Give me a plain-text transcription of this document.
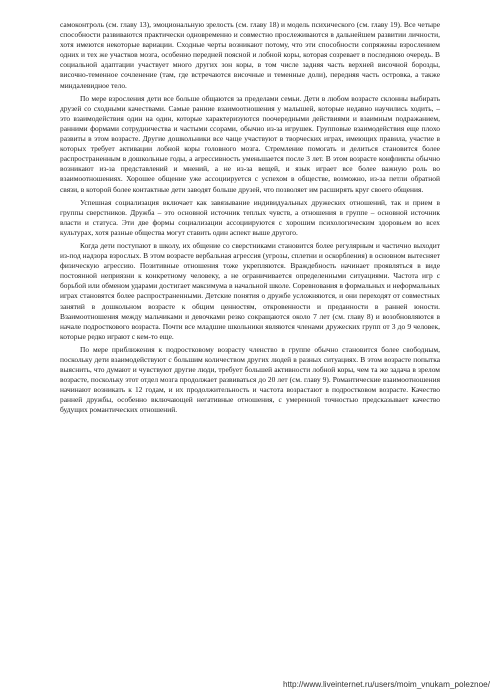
самоконтроль (см. главу 13), эмоциональную зрелость (см. главу 18) и модель психического (см. главу 19). Все четыре способности развиваются практически одновременно и совместно прослеживаются в дальнейшем развитии личности, хотя имеются некоторые вариации. Сходные черты возникают потому, что эти способности сопряжены взрослением одних и тех же участков мозга, особенно передней поясной и лобной коры, которая созревает в последнюю очередь. В социальной адаптации участвует много других зон коры, в том числе задняя часть верхней височной борозды, височно-теменное сочленение (там, где встречаются височные и теменные доли), передняя часть островка, а также миндалевидное тело.

По мере взросления дети все больше общаются за пределами семьи. Дети в любом возрасте склонны выбирать друзей со сходными качествами. Самые ранние взаимоотношения у малышей, которые недавно научились ходить, – это взаимодействия один на один, которые характеризуются поочередными действиями и взаимным подражанием, ранними формами сотрудничества и частыми ссорами, обычно из-за игрушек. Групповые взаимодействия еще плохо развиты в этом возрасте. Другие дошкольники все чаще участвуют в творческих играх, имеющих правила, участие в которых требует активации лобной коры головного мозга. Стремление помогать и делиться становится более распространенным в дошкольные годы, а агрессивность уменьшается после 3 лет. В этом возрасте конфликты обычно возникают из-за представлений и мнений, а не из-за вещей, и язык играет все более важную роль во взаимоотношениях. Хорошее общение уже ассоциируется с успехом в обществе, возможно, из-за петли обратной связи, в которой более контактные дети заводят больше друзей, что позволяет им расширять круг своего общения.

Успешная социализация включает как завязывание индивидуальных дружеских отношений, так и прием в группы сверстников. Дружба – это основной источник теплых чувств, а отношения в группе – основной источник власти и статуса. Эти две формы социализации ассоциируются с хорошим психологическим здоровьем во всех культурах, хотя разные общества могут ставить один аспект выше другого.

Когда дети поступают в школу, их общение со сверстниками становится более регулярным и частично выходит из-под надзора взрослых. В этом возрасте вербальная агрессия (угрозы, сплетни и оскорбления) в основном вытесняет физическую агрессию. Позитивные отношения тоже укрепляются. Враждебность начинает проявляться в виде постоянной неприязни к конкретному человеку, а не ограничивается определенными ситуациями. Частота игр с борьбой или обменом ударами достигает максимума в начальной школе. Соревнования в формальных и неформальных играх становятся более распространенными. Детские понятия о дружбе усложняются, и они переходят от совместных занятий в дошкольном возрасте к общим ценностям, откровенности и преданности в ранней юности. Взаимоотношения между мальчиками и девочками резко сокращаются около 7 лет (см. главу 8) и возобновляются в начале подросткового возраста. Почти все младшие школьники являются членами дружеских групп от 3 до 9 человек, которые редко играют с кем-то еще.

По мере приближения к подростковому возрасту членство в группе обычно становится более свободным, поскольку дети взаимодействуют с большим количеством других людей в разных ситуациях. В этом возрасте попытка выяснить, что думают и чувствуют другие люди, требует большей активности лобной коры, чем та же задача в зрелом возрасте, поскольку этот отдел мозга продолжает развиваться до 20 лет (см. главу 9). Романтические взаимоотношения начинают возникать к 12 годам, и их продолжительность и частота возрастают в подростковом возрасте. Качество ранней дружбы, особенно включающей негативные отношения, с умеренной точностью предсказывает качество будущих романтических отношений.

http://www.liveinternet.ru/users/moim_vnukam_poleznoe/
